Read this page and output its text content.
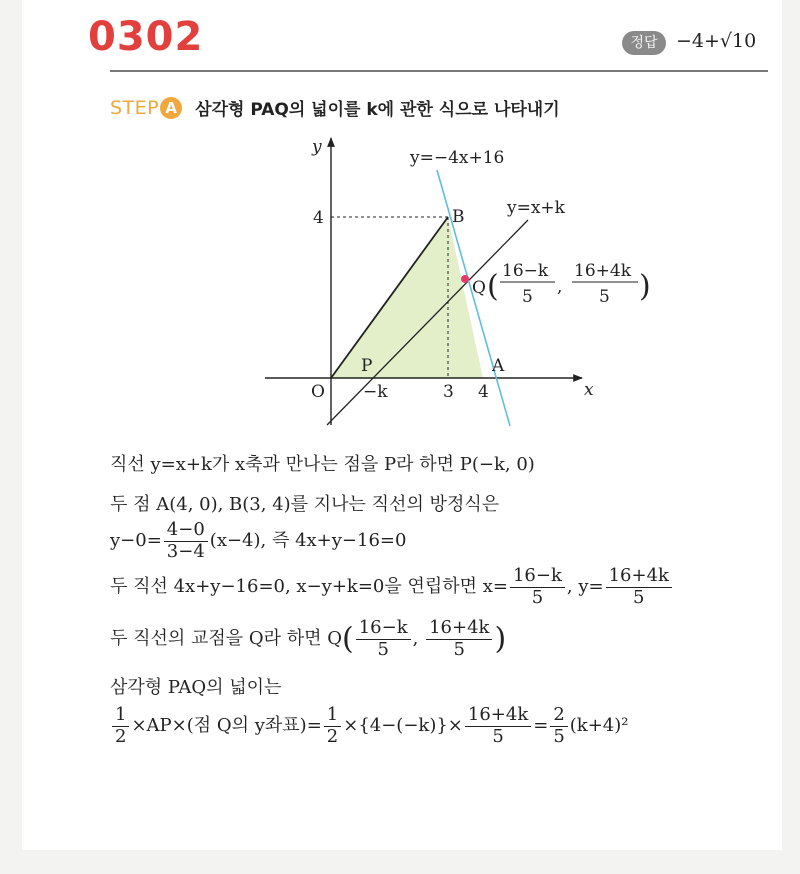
0302	정답 −4+√10
STEP A	삼각형 PAQ의 넓이를 k에 관한 식으로 나타내기
y
x
O
4
−k	3 4
B
A
P
y=−4x+16
y=x+k
Q ( 16−k
5 ,
16+4k
5 )
직선 y=x+k가 x축과 만나는 점을 P라 하면 P(−k, 0)
두 점 A(4, 0), B(3, 4)를 지나는 직선의 방정식은
$y-0= \frac{4-0}{3-4} (x-4)$, 즉 4x+y−16=0
두 직선 4x+y−16=0, x−y+k=0을 연립하면 $x= \frac{16-k}{5}$ , $y= \frac{16+4k}{5}$
두 직선의 교점을 Q라 하면 $Q( \frac{16-k}{5}$ , $\frac{16+4k}{5}$ )
삼각형 PAQ의 넓이는
$\frac{1}{2} \times AP\times$(점 Q의 y좌표)= $\frac{1}{2} \times\{4-(-k)\}\times \frac{16+4k}{5} = \frac{2}{5} (k+4)^2$
